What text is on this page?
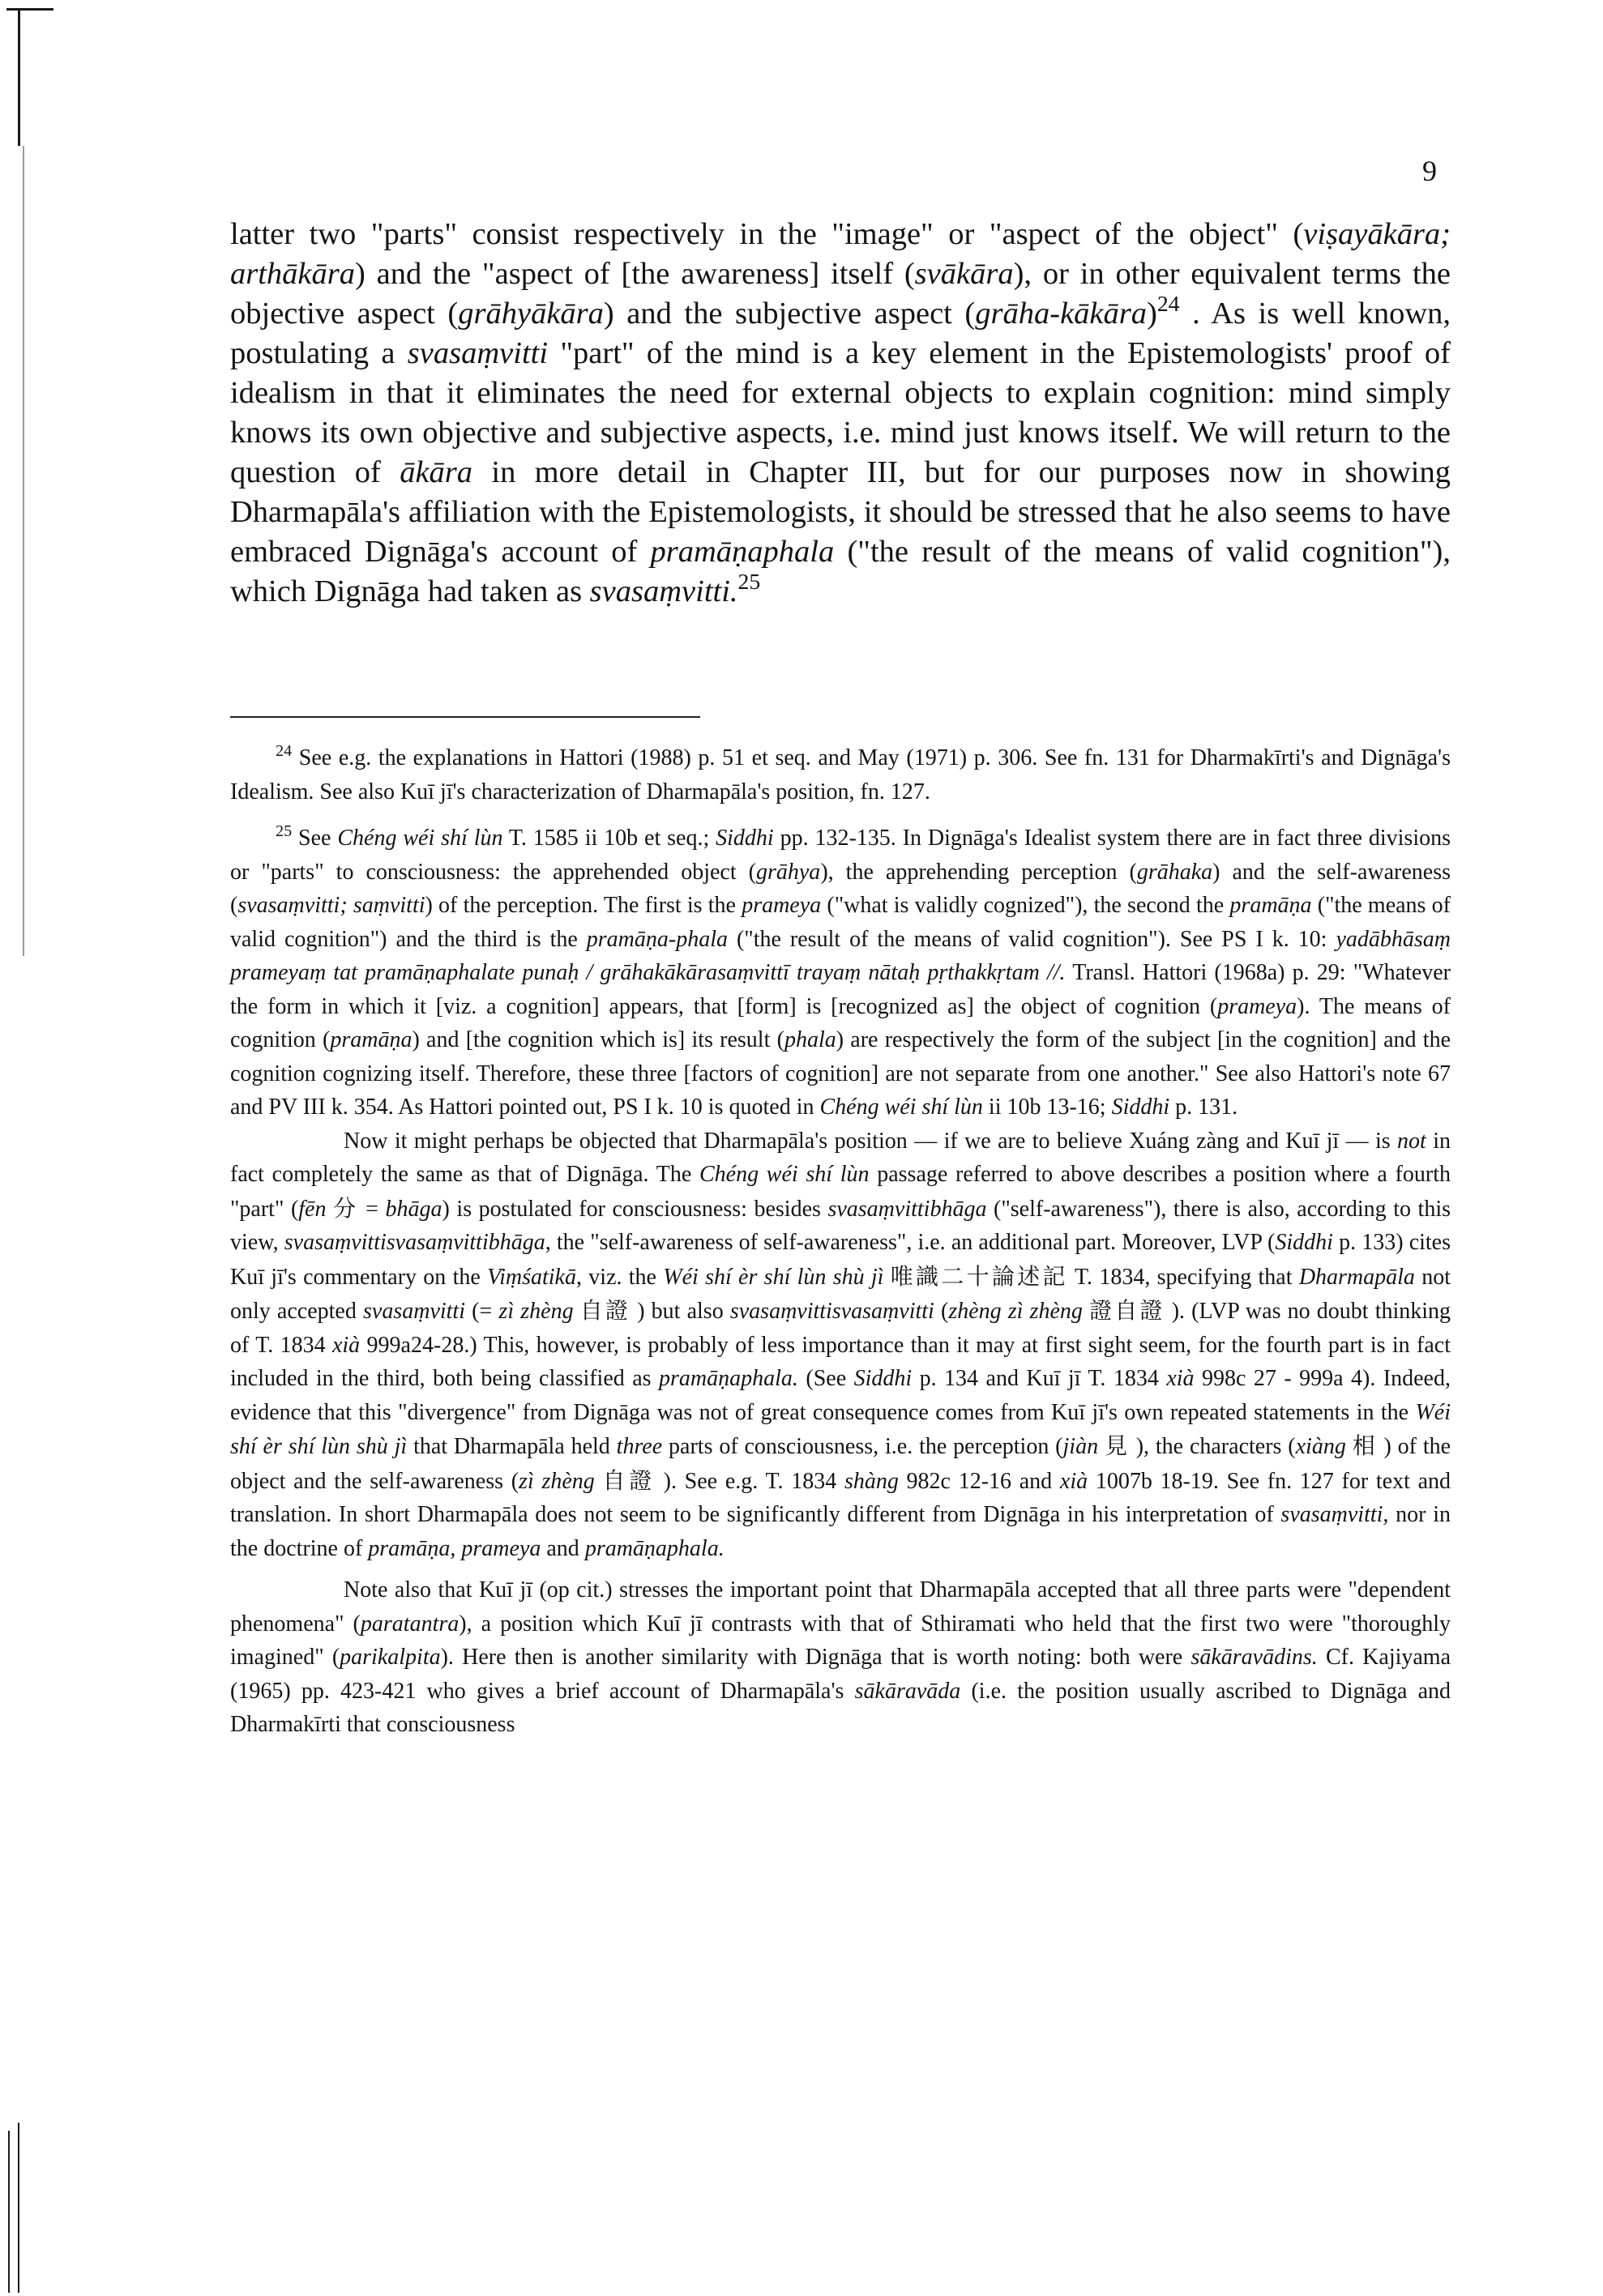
9

latter two "parts" consist respectively in the "image" or "aspect of the object" (viṣayākāra; arthākāra) and the "aspect of [the awareness] itself (svākāra), or in other equivalent terms the objective aspect (grāhyākāra) and the subjective aspect (grāha-kākāra)$^{24}$ . As is well known, postulating a svasaṃvitti "part" of the mind is a key element in the Epistemologists' proof of idealism in that it eliminates the need for external objects to explain cognition: mind simply knows its own objective and subjective aspects, i.e. mind just knows itself. We will return to the question of ākāra in more detail in Chapter III, but for our purposes now in showing Dharmapāla's affiliation with the Epistemologists, it should be stressed that he also seems to have embraced Dignāga's account of pramāṇaphala ("the result of the means of valid cognition"), which Dignāga had taken as svasaṃvitti.$^{25}$

$^{24}$ See e.g. the explanations in Hattori (1988) p. 51 et seq. and May (1971) p. 306. See fn. 131 for Dharmakīrti's and Dignāga's Idealism. See also Kuī jī's characterization of Dharmapāla's position, fn. 127.

$^{25}$ See Chéng wéi shí lùn T. 1585 ii 10b et seq.; Siddhi pp. 132-135. In Dignāga's Idealist system there are in fact three divisions or "parts" to consciousness: the apprehended object (grāhya), the apprehending perception (grāhaka) and the self-awareness (svasaṃvitti; saṃvitti) of the perception. The first is the prameya ("what is validly cognized"), the second the pramāṇa ("the means of valid cognition") and the third is the pramāṇa-phala ("the result of the means of valid cognition"). See PS I k. 10: yadābhāsaṃ prameyaṃ tat pramāṇaphalate punaḥ / grāhakākārasaṃvittī trayaṃ nātaḥ pṛthakkṛtam //. Transl. Hattori (1968a) p. 29: "Whatever the form in which it [viz. a cognition] appears, that [form] is [recognized as] the object of cognition (prameya). The means of cognition (pramāṇa) and [the cognition which is] its result (phala) are respectively the form of the subject [in the cognition] and the cognition cognizing itself. Therefore, these three [factors of cognition] are not separate from one another." See also Hattori's note 67 and PV III k. 354. As Hattori pointed out, PS I k. 10 is quoted in Chéng wéi shí lùn ii 10b 13-16; Siddhi p. 131.

Now it might perhaps be objected that Dharmapāla's position — if we are to believe Xuáng zàng and Kuī jī — is not in fact completely the same as that of Dignāga. The Chéng wéi shí lùn passage referred to above describes a position where a fourth "part" (fēn 分 = bhāga) is postulated for consciousness: besides svasaṃvittibhāga ("self-awareness"), there is also, according to this view, svasaṃvittisvasaṃvittibhāga, the "self-awareness of self-awareness", i.e. an additional part. Moreover, LVP (Siddhi p. 133) cites Kuī jī's commentary on the Viṃśatikā, viz. the Wéi shí èr shí lùn shù jì 唯識二十論述記 T. 1834, specifying that Dharmapāla not only accepted svasaṃvitti (= zì zhèng 自證 ) but also svasaṃvittisvasaṃvitti (zhèng zì zhèng 證自證 ). (LVP was no doubt thinking of T. 1834 xià 999a24-28.) This, however, is probably of less importance than it may at first sight seem, for the fourth part is in fact included in the third, both being classified as pramāṇaphala. (See Siddhi p. 134 and Kuī jī T. 1834 xià 998c 27 - 999a 4). Indeed, evidence that this "divergence" from Dignāga was not of great consequence comes from Kuī jī's own repeated statements in the Wéi shí èr shí lùn shù jì that Dharmapāla held three parts of consciousness, i.e. the perception (jiàn 見 ), the characters (xiàng 相 ) of the object and the self-awareness (zì zhèng 自證 ). See e.g. T. 1834 shàng 982c 12-16 and xià 1007b 18-19. See fn. 127 for text and translation. In short Dharmapāla does not seem to be significantly different from Dignāga in his interpretation of svasaṃvitti, nor in the doctrine of pramāṇa, prameya and pramāṇaphala.

Note also that Kuī jī (op cit.) stresses the important point that Dharmapāla accepted that all three parts were "dependent phenomena" (paratantra), a position which Kuī jī contrasts with that of Sthiramati who held that the first two were "thoroughly imagined" (parikalpita). Here then is another similarity with Dignāga that is worth noting: both were sākāravādins. Cf. Kajiyama (1965) pp. 423-421 who gives a brief account of Dharmapāla's sākāravāda (i.e. the position usually ascribed to Dignāga and Dharmakīrti that consciousness
